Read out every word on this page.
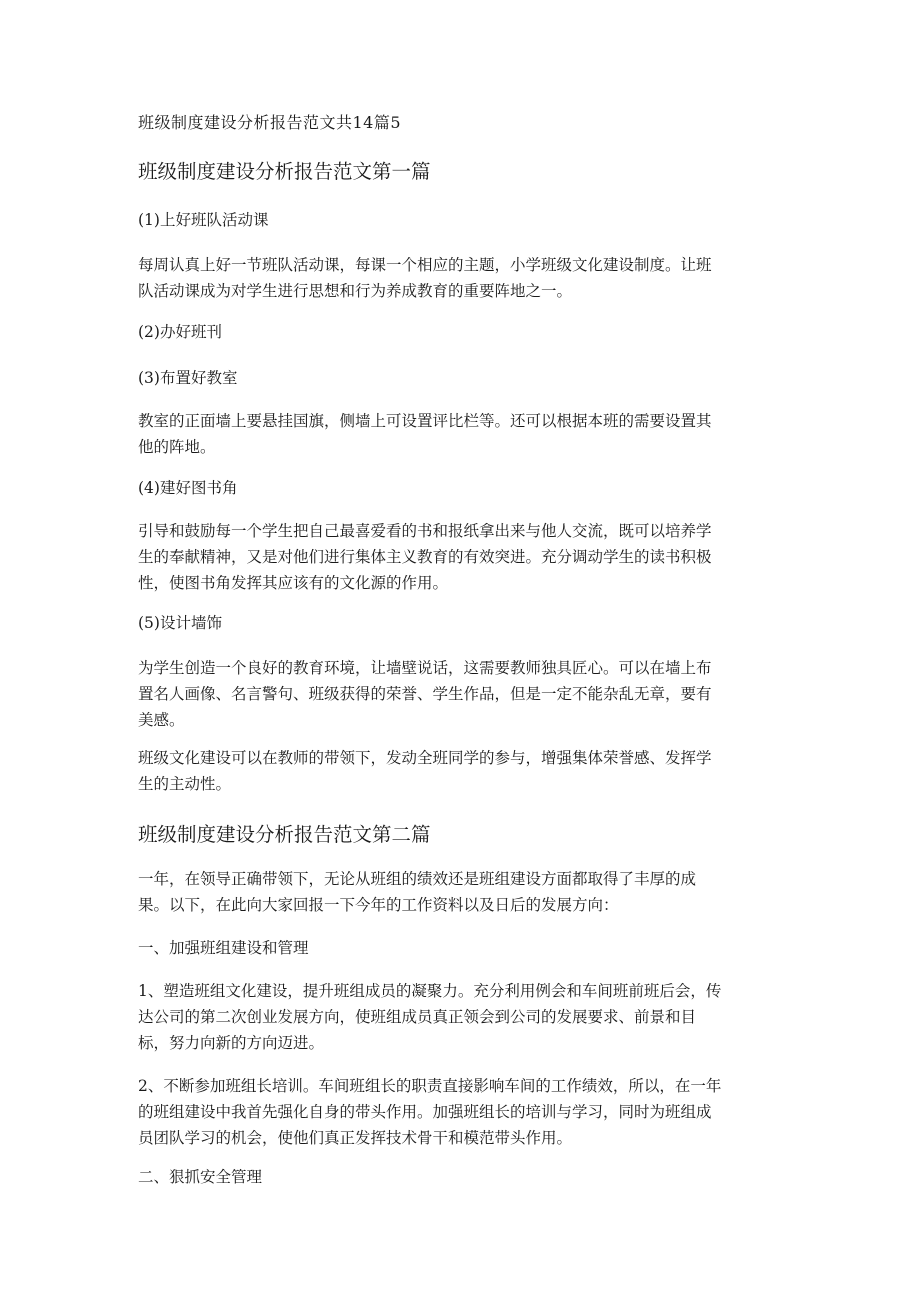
班级制度建设分析报告范文共14篇5
班级制度建设分析报告范文第一篇
(1)上好班队活动课
每周认真上好一节班队活动课，每课一个相应的主题，小学班级文化建设制度。让班
队活动课成为对学生进行思想和行为养成教育的重要阵地之一。
(2)办好班刊
(3)布置好教室
教室的正面墙上要悬挂国旗，侧墙上可设置评比栏等。还可以根据本班的需要设置其
他的阵地。
(4)建好图书角
引导和鼓励每一个学生把自己最喜爱看的书和报纸拿出来与他人交流，既可以培养学
生的奉献精神，又是对他们进行集体主义教育的有效突进。充分调动学生的读书积极
性，使图书角发挥其应该有的文化源的作用。
(5)设计墙饰
为学生创造一个良好的教育环境，让墙壁说话，这需要教师独具匠心。可以在墙上布
置名人画像、名言警句、班级获得的荣誉、学生作品，但是一定不能杂乱无章，要有
美感。
班级文化建设可以在教师的带领下，发动全班同学的参与，增强集体荣誉感、发挥学
生的主动性。
班级制度建设分析报告范文第二篇
一年，在领导正确带领下，无论从班组的绩效还是班组建设方面都取得了丰厚的成
果。以下，在此向大家回报一下今年的工作资料以及日后的发展方向：
一、加强班组建设和管理
1、塑造班组文化建设，提升班组成员的凝聚力。充分利用例会和车间班前班后会，传
达公司的第二次创业发展方向，使班组成员真正领会到公司的发展要求、前景和目
标，努力向新的方向迈进。
2、不断参加班组长培训。车间班组长的职责直接影响车间的工作绩效，所以，在一年
的班组建设中我首先强化自身的带头作用。加强班组长的培训与学习，同时为班组成
员团队学习的机会，使他们真正发挥技术骨干和模范带头作用。
二、狠抓安全管理
